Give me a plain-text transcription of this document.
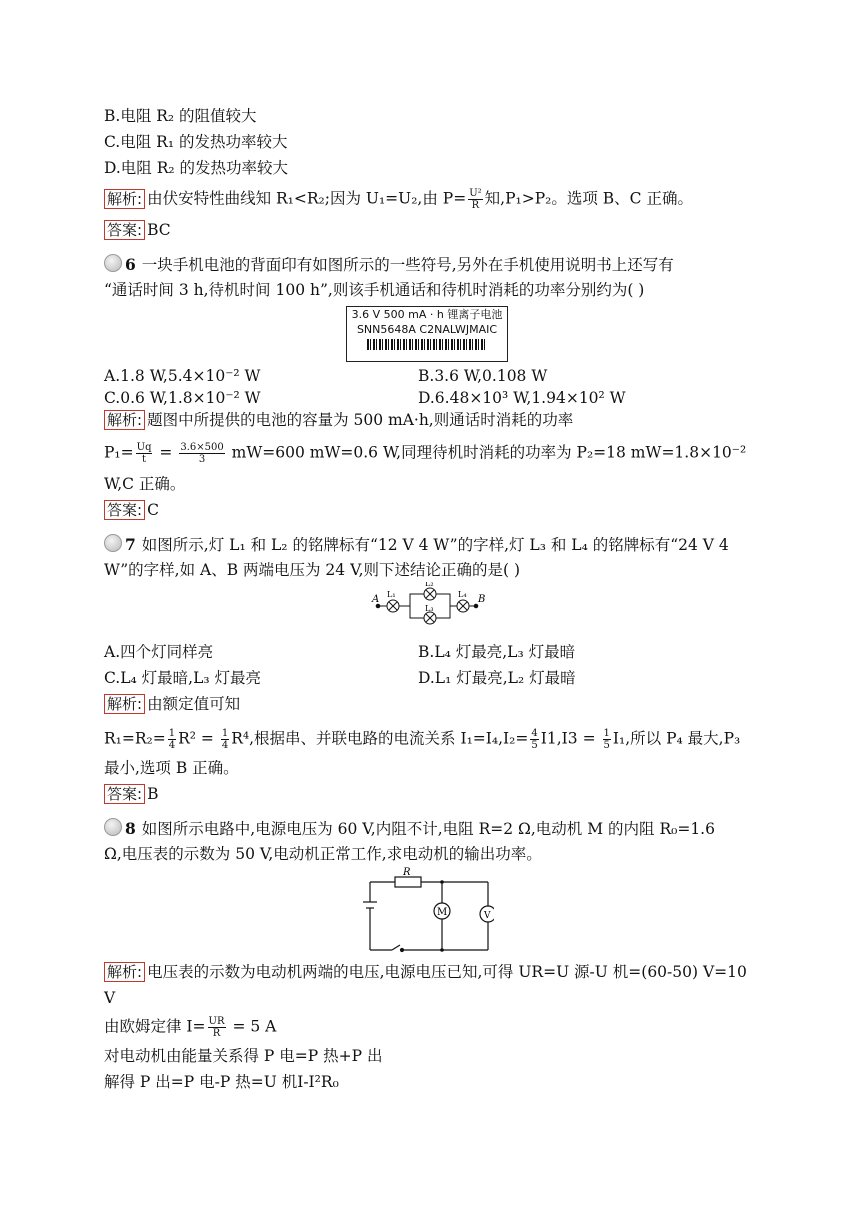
B.电阻 R₂ 的阻值较大
C.电阻 R₁ 的发热功率较大
D.电阻 R₂ 的发热功率较大
解析: 由伏安特性曲线知 R₁<R₂;因为 U₁=U₂,由 $P= \frac{\text{U²}}{R}$ 知,P₁>P₂。选项 B、C 正确。
答案: BC
6 一块手机电池的背面印有如图所示的一些符号,另外在手机使用说明书上还写有
“通话时间 3 h,待机时间 100 h”,则该手机通话和待机时消耗的功率分别约为( )
3.6 V 500 mA · h 锂离子电池
SNN5648A C2NALWJMAIC
A.1.8 W,5.4×10⁻² W	B.3.6 W,0.108 W
C.0.6 W,1.8×10⁻² W	D.6.48×10³ W,1.94×10² W
解析: 题图中所提供的电池的容量为 500 mA·h,则通话时消耗的功率
$P_1= \frac{Uq}{t} = \frac{3.6\times 500}{3} mW=600$ mW=0.6 W,同理待机时消耗的功率为 P₂=18 mW=1.8×10⁻²
W,C 正确。
答案: C
7 如图所示,灯 L₁ 和 L₂ 的铭牌标有“12 V 4 W”的字样,灯 L₃ 和 L₄ 的铭牌标有“24 V 4
W”的字样,如 A、B 两端电压为 24 V,则下述结论正确的是( )
A	B
L₁
L₂
L₃
L₄
A.四个灯同样亮	B.L₄ 灯最亮,L₃ 灯最暗
C.L₄ 灯最暗,L₃ 灯最亮	D.L₁ 灯最亮,L₂ 灯最暗
解析: 由额定值可知
$R_1=R_2= \frac{1}{4} R^2 = \frac{1}{4} R^4$,根据串、并联电路的电流关系 $I_1=I_4,I_2= \frac{4}{5} I1,I3 = \frac{1}{5} I_1$,所以 P₄ 最大,P₃
最小,选项 B 正确。
答案: B
8 如图所示电路中,电源电压为 60 V,内阻不计,电阻 R=2 Ω,电动机 M 的内阻 R₀=1.6
Ω,电压表的示数为 50 V,电动机正常工作,求电动机的输出功率。
R
M	V
解析: 电压表的示数为电动机两端的电压,电源电压已知,可得 UR=U 源-U 机=(60-50) V=10
V
由欧姆定律 $I= \frac{UR}{R} = 5$ A
对电动机由能量关系得 P 电=P 热+P 出
解得 P 出=P 电-P 热=U 机I-I²R₀
